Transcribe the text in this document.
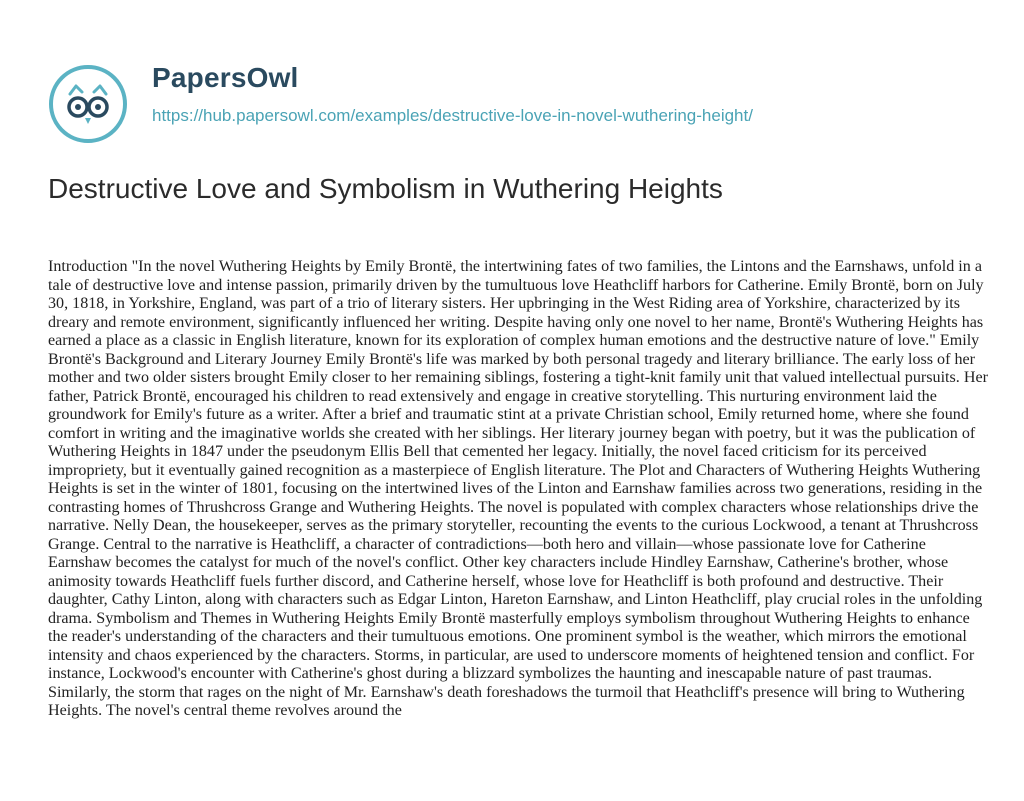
PapersOwl
https://hub.papersowl.com/examples/destructive-love-in-novel-wuthering-height/
Destructive Love and Symbolism in Wuthering Heights

Introduction "In the novel Wuthering Heights by Emily Brontë, the intertwining fates of two families, the Lintons and the Earnshaws, unfold in a tale of destructive love and intense passion, primarily driven by the tumultuous love Heathcliff harbors for Catherine. Emily Brontë, born on July 30, 1818, in Yorkshire, England, was part of a trio of literary sisters. Her upbringing in the West Riding area of Yorkshire, characterized by its dreary and remote environment, significantly influenced her writing. Despite having only one novel to her name, Brontë's Wuthering Heights has earned a place as a classic in English literature, known for its exploration of complex human emotions and the destructive nature of love." Emily Brontë's Background and Literary Journey Emily Brontë's life was marked by both personal tragedy and literary brilliance. The early loss of her mother and two older sisters brought Emily closer to her remaining siblings, fostering a tight-knit family unit that valued intellectual pursuits. Her father, Patrick Brontë, encouraged his children to read extensively and engage in creative storytelling. This nurturing environment laid the groundwork for Emily's future as a writer. After a brief and traumatic stint at a private Christian school, Emily returned home, where she found comfort in writing and the imaginative worlds she created with her siblings. Her literary journey began with poetry, but it was the publication of Wuthering Heights in 1847 under the pseudonym Ellis Bell that cemented her legacy. Initially, the novel faced criticism for its perceived impropriety, but it eventually gained recognition as a masterpiece of English literature. The Plot and Characters of Wuthering Heights Wuthering Heights is set in the winter of 1801, focusing on the intertwined lives of the Linton and Earnshaw families across two generations, residing in the contrasting homes of Thrushcross Grange and Wuthering Heights. The novel is populated with complex characters whose relationships drive the narrative. Nelly Dean, the housekeeper, serves as the primary storyteller, recounting the events to the curious Lockwood, a tenant at Thrushcross Grange. Central to the narrative is Heathcliff, a character of contradictions—both hero and villain—whose passionate love for Catherine Earnshaw becomes the catalyst for much of the novel's conflict. Other key characters include Hindley Earnshaw, Catherine's brother, whose animosity towards Heathcliff fuels further discord, and Catherine herself, whose love for Heathcliff is both profound and destructive. Their daughter, Cathy Linton, along with characters such as Edgar Linton, Hareton Earnshaw, and Linton Heathcliff, play crucial roles in the unfolding drama. Symbolism and Themes in Wuthering Heights Emily Brontë masterfully employs symbolism throughout Wuthering Heights to enhance the reader's understanding of the characters and their tumultuous emotions. One prominent symbol is the weather, which mirrors the emotional intensity and chaos experienced by the characters. Storms, in particular, are used to underscore moments of heightened tension and conflict. For instance, Lockwood's encounter with Catherine's ghost during a blizzard symbolizes the haunting and inescapable nature of past traumas. Similarly, the storm that rages on the night of Mr. Earnshaw's death foreshadows the turmoil that Heathcliff's presence will bring to Wuthering Heights. The novel's central theme revolves around the
